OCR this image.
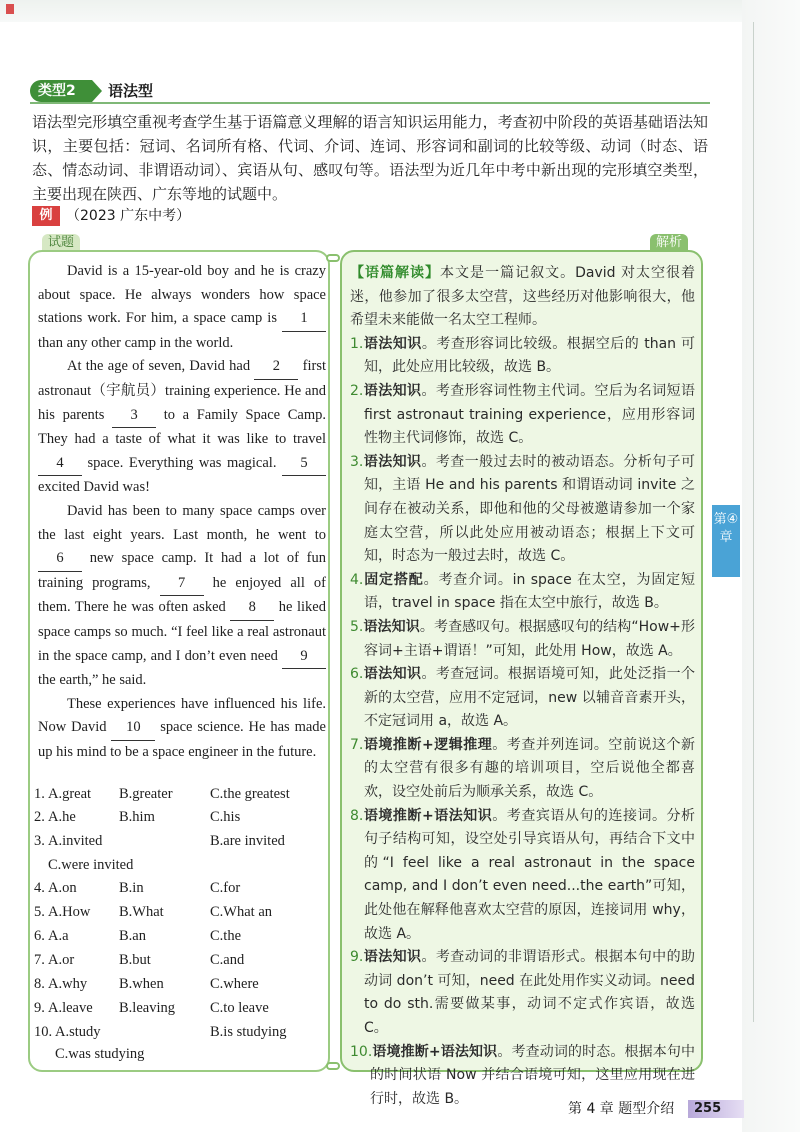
类型2	语法型
语法型完形填空重视考查学生基于语篇意义理解的语言知识运用能力，考查初中阶段的英语基础语法知识，主要包括：冠词、名词所有格、代词、介词、连词、形容词和副词的比较等级、动词（时态、语态、情态动词、非谓语动词）、宾语从句、感叹句等。语法型为近几年中考中新出现的完形填空类型，主要出现在陕西、广东等地的试题中。
例 （2023 广东中考）
试题	解析

David is a 15-year-old boy and he is crazy about space. He always wonders how space stations work. For him, a space camp is 1 than any other camp in the world.

At the age of seven, David had 2 first astronaut（宇航员）training experience. He and his parents 3 to a Family Space Camp. They had a taste of what it was like to travel 4 space. Everything was magical. 5 excited David was!

David has been to many space camps over the last eight years. Last month, he went to 6 new space camp. It had a lot of fun training programs, 7 he enjoyed all of them. There he was often asked 8 he liked space camps so much. “I feel like a real astronaut in the space camp, and I don’t even need 9 the earth,” he said.

These experiences have influenced his life. Now David 10 space science. He has made up his mind to be a space engineer in the future.

1. A.great B.greater	C.the greatest
2. A.he	B.him	C.his
3. A.invited	B.are invited
C.were invited
4. A.on	B.in	C.for
5. A.How B.What	C.What an
6. A.a	B.an	C.the
7. A.or	B.but	C.and
8. A.why B.when	C.where
9. A.leave B.leaving C.to leave
10. A.study	B.is studying
C.was studying
【语篇解读】本文是一篇记叙文。David 对太空很着迷，他参加了很多太空营，这些经历对他影响很大，他希望未来能做一名太空工程师。
1.语法知识。考查形容词比较级。根据空后的 than 可知，此处应用比较级，故选 B。
2.语法知识。考查形容词性物主代词。空后为名词短语 first astronaut training experience，应用形容词性物主代词修饰，故选 C。
3.语法知识。考查一般过去时的被动语态。分析句子可知，主语 He and his parents 和谓语动词 invite 之间存在被动关系，即他和他的父母被邀请参加一个家庭太空营，所以此处应用被动语态；根据上下文可知，时态为一般过去时，故选 C。
4.固定搭配。考查介词。in space 在太空，为固定短语，travel in space 指在太空中旅行，故选 B。
5.语法知识。考查感叹句。根据感叹句的结构“How+形容词+主语+谓语！”可知，此处用 How，故选 A。
6.语法知识。考查冠词。根据语境可知，此处泛指一个新的太空营，应用不定冠词，new 以辅音音素开头，不定冠词用 a，故选 A。
7.语境推断+逻辑推理。考查并列连词。空前说这个新的太空营有很多有趣的培训项目，空后说他全都喜欢，设空处前后为顺承关系，故选 C。
8.语境推断+语法知识。考查宾语从句的连接词。分析句子结构可知，设空处引导宾语从句，再结合下文中的“I feel like a real astronaut in the space camp, and I don’t even need...the earth”可知，此处他在解释他喜欢太空营的原因，连接词用 why，故选 A。
9.语法知识。考查动词的非谓语形式。根据本句中的助动词 don’t 可知，need 在此处用作实义动词。need to do sth.需要做某事，动词不定式作宾语，故选 C。
10.语境推断+语法知识。考查动词的时态。根据本句中的时间状语 Now 并结合语境可知，这里应用现在进行时，故选 B。
第④章
第 4 章 题型介绍	255
